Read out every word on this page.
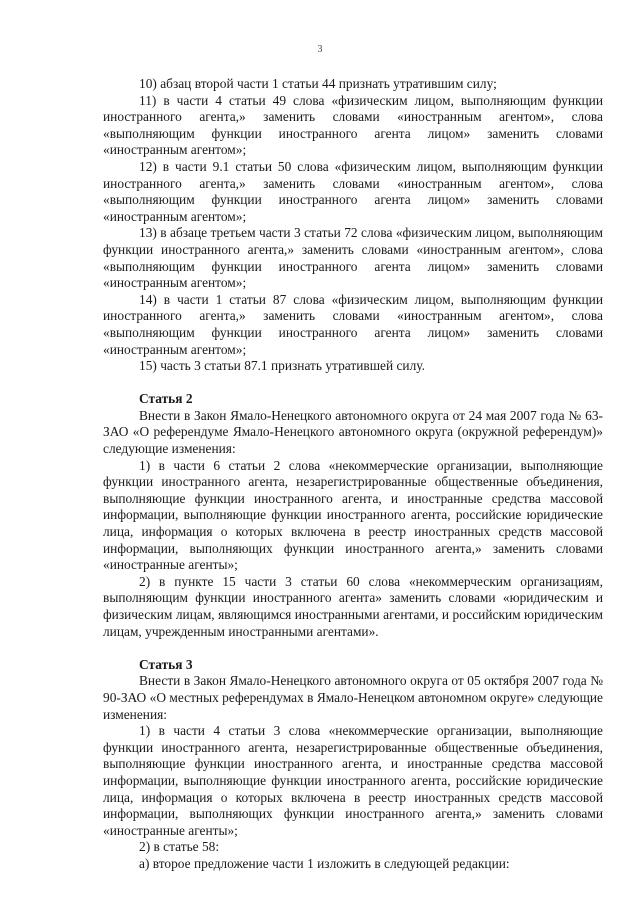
3

10) абзац второй части 1 статьи 44 признать утратившим силу;

11) в части 4 статьи 49 слова «физическим лицом, выполняющим функции иностранного агента,» заменить словами «иностранным агентом», слова «выполняющим функции иностранного агента лицом» заменить словами «иностранным агентом»;

12) в части 9.1 статьи 50 слова «физическим лицом, выполняющим функции иностранного агента,» заменить словами «иностранным агентом», слова «выполняющим функции иностранного агента лицом» заменить словами «иностранным агентом»;

13) в абзаце третьем части 3 статьи 72 слова «физическим лицом, выполняющим функции иностранного агента,» заменить словами «иностранным агентом», слова «выполняющим функции иностранного агента лицом» заменить словами «иностранным агентом»;

14) в части 1 статьи 87 слова «физическим лицом, выполняющим функции иностранного агента,» заменить словами «иностранным агентом», слова «выполняющим функции иностранного агента лицом» заменить словами «иностранным агентом»;

15) часть 3 статьи 87.1 признать утратившей силу.

Статья 2

Внести в Закон Ямало-Ненецкого автономного округа от 24 мая 2007 года № 63-ЗАО «О референдуме Ямало-Ненецкого автономного округа (окружной референдум)» следующие изменения:

1) в части 6 статьи 2 слова «некоммерческие организации, выполняющие функции иностранного агента, незарегистрированные общественные объединения, выполняющие функции иностранного агента, и иностранные средства массовой информации, выполняющие функции иностранного агента, российские юридические лица, информация о которых включена в реестр иностранных средств массовой информации, выполняющих функции иностранного агента,» заменить словами «иностранные агенты»;

2) в пункте 15 части 3 статьи 60 слова «некоммерческим организациям, выполняющим функции иностранного агента» заменить словами «юридическим и физическим лицам, являющимся иностранными агентами, и российским юридическим лицам, учрежденным иностранными агентами».

Статья 3

Внести в Закон Ямало-Ненецкого автономного округа от 05 октября 2007 года № 90-ЗАО «О местных референдумах в Ямало-Ненецком автономном округе» следующие изменения:

1) в части 4 статьи 3 слова «некоммерческие организации, выполняющие функции иностранного агента, незарегистрированные общественные объединения, выполняющие функции иностранного агента, и иностранные средства массовой информации, выполняющие функции иностранного агента, российские юридические лица, информация о которых включена в реестр иностранных средств массовой информации, выполняющих функции иностранного агента,» заменить словами «иностранные агенты»;

2) в статье 58:

а) второе предложение части 1 изложить в следующей редакции:
